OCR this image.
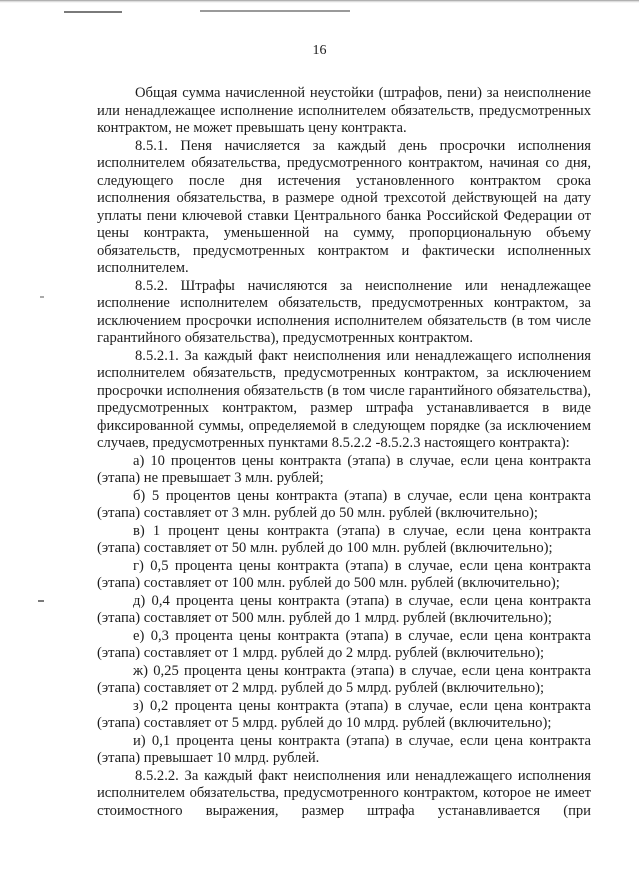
16

Общая сумма начисленной неустойки (штрафов, пени) за неисполнение или ненадлежащее исполнение исполнителем обязательств, предусмотренных контрактом, не может превышать цену контракта.

8.5.1. Пеня начисляется за каждый день просрочки исполнения исполнителем обязательства, предусмотренного контрактом, начиная со дня, следующего после дня истечения установленного контрактом срока исполнения обязательства, в размере одной трехсотой действующей на дату уплаты пени ключевой ставки Центрального банка Российской Федерации от цены контракта, уменьшенной на сумму, пропорциональную объему обязательств, предусмотренных контрактом и фактически исполненных исполнителем.

8.5.2. Штрафы начисляются за неисполнение или ненадлежащее исполнение исполнителем обязательств, предусмотренных контрактом, за исключением просрочки исполнения исполнителем обязательств (в том числе гарантийного обязательства), предусмотренных контрактом.

8.5.2.1. За каждый факт неисполнения или ненадлежащего исполнения исполнителем обязательств, предусмотренных контрактом, за исключением просрочки исполнения обязательств (в том числе гарантийного обязательства), предусмотренных контрактом, размер штрафа устанавливается в виде фиксированной суммы, определяемой в следующем порядке (за исключением случаев, предусмотренных пунктами 8.5.2.2 -8.5.2.3 настоящего контракта):

а) 10 процентов цены контракта (этапа) в случае, если цена контракта (этапа) не превышает 3 млн. рублей;

б) 5 процентов цены контракта (этапа) в случае, если цена контракта (этапа) составляет от 3 млн. рублей до 50 млн. рублей (включительно);

в) 1 процент цены контракта (этапа) в случае, если цена контракта (этапа) составляет от 50 млн. рублей до 100 млн. рублей (включительно);

г) 0,5 процента цены контракта (этапа) в случае, если цена контракта (этапа) составляет от 100 млн. рублей до 500 млн. рублей (включительно);

д) 0,4 процента цены контракта (этапа) в случае, если цена контракта (этапа) составляет от 500 млн. рублей до 1 млрд. рублей (включительно);

е) 0,3 процента цены контракта (этапа) в случае, если цена контракта (этапа) составляет от 1 млрд. рублей до 2 млрд. рублей (включительно);

ж) 0,25 процента цены контракта (этапа) в случае, если цена контракта (этапа) составляет от 2 млрд. рублей до 5 млрд. рублей (включительно);

з) 0,2 процента цены контракта (этапа) в случае, если цена контракта (этапа) составляет от 5 млрд. рублей до 10 млрд. рублей (включительно);

и) 0,1 процента цены контракта (этапа) в случае, если цена контракта (этапа) превышает 10 млрд. рублей.

8.5.2.2. За каждый факт неисполнения или ненадлежащего исполнения исполнителем обязательства, предусмотренного контрактом, которое не имеет стоимостного выражения, размер штрафа устанавливается (при
